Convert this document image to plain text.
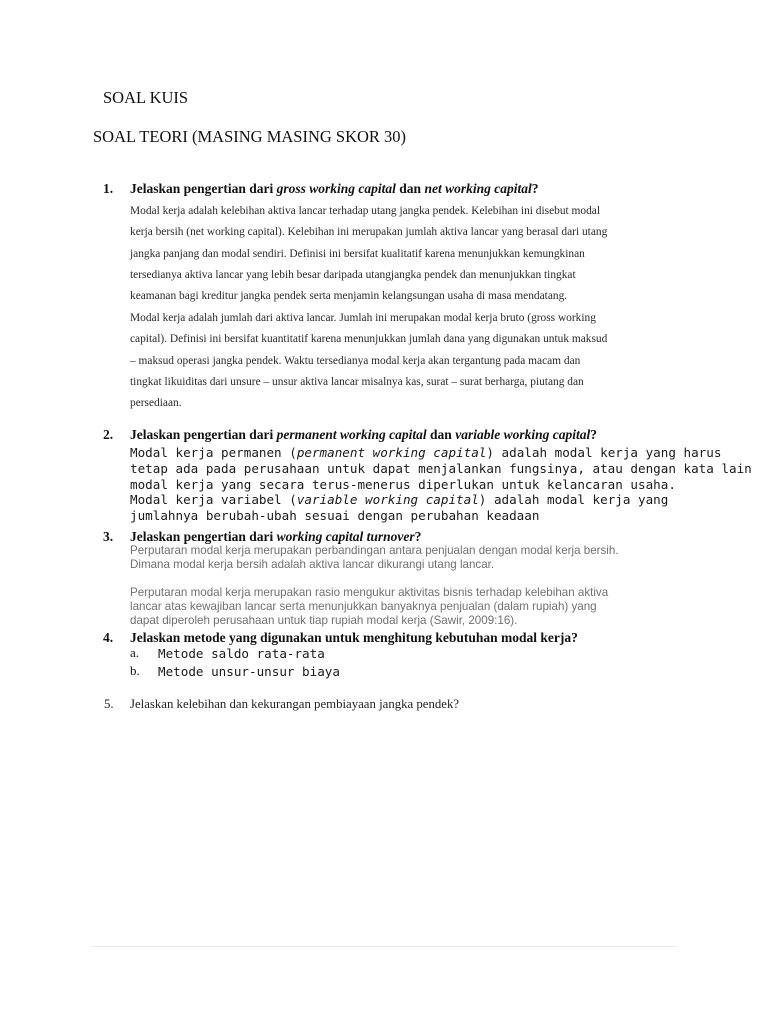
SOAL KUIS
SOAL TEORI (MASING MASING SKOR 30)
1. Jelaskan pengertian dari gross working capital dan net working capital?

Modal kerja adalah kelebihan aktiva lancar terhadap utang jangka pendek. Kelebihan ini disebut modal

kerja bersih (net working capital). Kelebihan ini merupakan jumlah aktiva lancar yang berasal dari utang

jangka panjang dan modal sendiri. Definisi ini bersifat kualitatif karena menunjukkan kemungkinan

tersedianya aktiva lancar yang lebih besar daripada utangjangka pendek dan menunjukkan tingkat

keamanan bagi kreditur jangka pendek serta menjamin kelangsungan usaha di masa mendatang.

Modal kerja adalah jumlah dari aktiva lancar. Jumlah ini merupakan modal kerja bruto (gross working

capital). Definisi ini bersifat kuantitatif karena menunjukkan jumlah dana yang digunakan untuk maksud

– maksud operasi jangka pendek. Waktu tersedianya modal kerja akan tergantung pada macam dan

tingkat likuiditas dari unsure – unsur aktiva lancar misalnya kas, surat – surat berharga, piutang dan

persediaan.

2. Jelaskan pengertian dari permanent working capital dan variable working capital?

Modal kerja permanen (permanent working capital) adalah modal kerja yang harus

tetap ada pada perusahaan untuk dapat menjalankan fungsinya, atau dengan kata lain

modal kerja yang secara terus-menerus diperlukan untuk kelancaran usaha.

Modal kerja variabel (variable working capital) adalah modal kerja yang

jumlahnya berubah-ubah sesuai dengan perubahan keadaan

3. Jelaskan pengertian dari working capital turnover?

Perputaran modal kerja merupakan perbandingan antara penjualan dengan modal kerja bersih.

Dimana modal kerja bersih adalah aktiva lancar dikurangi utang lancar.

Perputaran modal kerja merupakan rasio mengukur aktivitas bisnis terhadap kelebihan aktiva

lancar atas kewajiban lancar serta menunjukkan banyaknya penjualan (dalam rupiah) yang

dapat diperoleh perusahaan untuk tiap rupiah modal kerja (Sawir, 2009:16).

4. Jelaskan metode yang digunakan untuk menghitung kebutuhan modal kerja?
a. Metode saldo rata-rata
b. Metode unsur-unsur biaya
5. Jelaskan kelebihan dan kekurangan pembiayaan jangka pendek?
